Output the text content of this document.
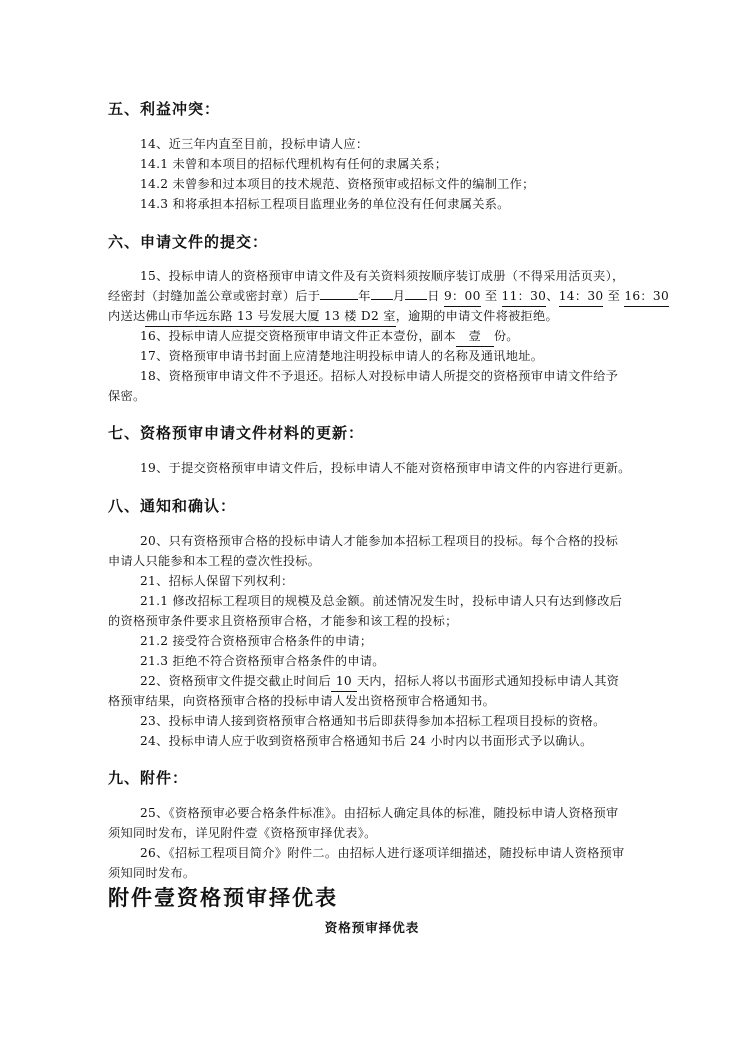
五、利益冲突：
14、近三年内直至目前，投标申请人应：
14.1 未曾和本项目的招标代理机构有任何的隶属关系；
14.2 未曾参和过本项目的技术规范、资格预审或招标文件的编制工作；
14.3 和将承担本招标工程项目监理业务的单位没有任何隶属关系。
六、申请文件的提交：
15、投标申请人的资格预审申请文件及有关资料须按顺序装订成册（不得采用活页夹），
经密封（封缝加盖公章或密封章）后于	年 月 日 9：00 至 11：30、14：30 至 16：30
内送达佛山市华远东路 13 号发展大厦 13 楼 D2 室，逾期的申请文件将被拒绝。
16、投标申请人应提交资格预审申请文件正本壹份，副本 壹 份。
17、资格预审申请书封面上应清楚地注明投标申请人的名称及通讯地址。
18、资格预审申请文件不予退还。招标人对投标申请人所提交的资格预审申请文件给予
保密。
七、资格预审申请文件材料的更新：
19、于提交资格预审申请文件后，投标申请人不能对资格预审申请文件的内容进行更新。
八、通知和确认：
20、只有资格预审合格的投标申请人才能参加本招标工程项目的投标。每个合格的投标
申请人只能参和本工程的壹次性投标。
21、招标人保留下列权利：
21.1 修改招标工程项目的规模及总金额。前述情况发生时，投标申请人只有达到修改后
的资格预审条件要求且资格预审合格，才能参和该工程的投标；
21.2 接受符合资格预审合格条件的申请；
21.3 拒绝不符合资格预审合格条件的申请。
22、资格预审文件提交截止时间后 10 天内，招标人将以书面形式通知投标申请人其资
格预审结果，向资格预审合格的投标申请人发出资格预审合格通知书。
23、投标申请人接到资格预审合格通知书后即获得参加本招标工程项目投标的资格。
24、投标申请人应于收到资格预审合格通知书后 24 小时内以书面形式予以确认。
九、附件：
25、《资格预审必要合格条件标准》。由招标人确定具体的标准，随投标申请人资格预审
须知同时发布，详见附件壹《资格预审择优表》。
26、《招标工程项目简介》附件二。由招标人进行逐项详细描述，随投标申请人资格预审
须知同时发布。
附件壹资格预审择优表
资格预审择优表
